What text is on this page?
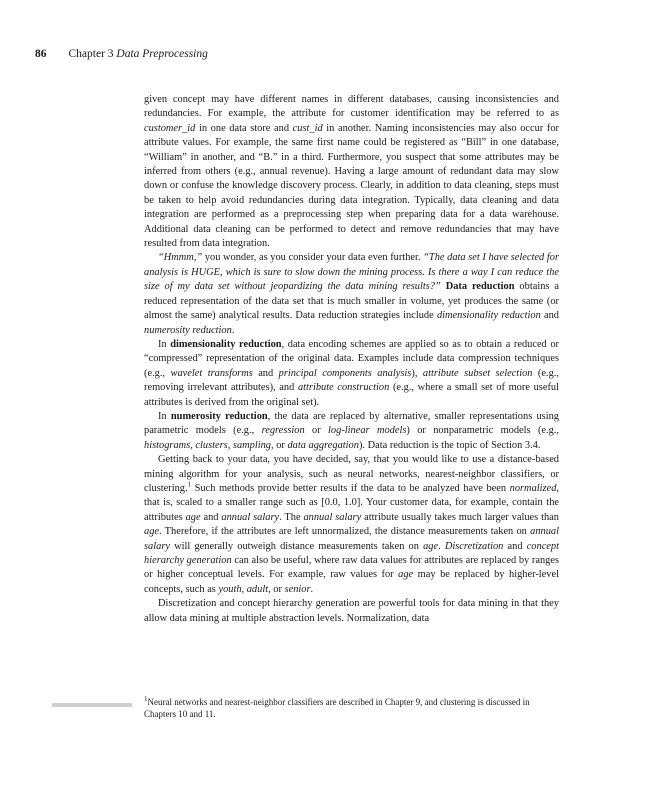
86 Chapter 3 Data Preprocessing

given concept may have different names in different databases, causing inconsistencies and redundancies. For example, the attribute for customer identification may be referred to as customer_id in one data store and cust_id in another. Naming inconsistencies may also occur for attribute values. For example, the same first name could be registered as “Bill” in one database, “William” in another, and “B.” in a third. Furthermore, you suspect that some attributes may be inferred from others (e.g., annual revenue). Having a large amount of redundant data may slow down or confuse the knowledge discovery process. Clearly, in addition to data cleaning, steps must be taken to help avoid redundancies during data integration. Typically, data cleaning and data integration are performed as a preprocessing step when preparing data for a data warehouse. Additional data cleaning can be performed to detect and remove redundancies that may have resulted from data integration.

“Hmmm,” you wonder, as you consider your data even further. “The data set I have selected for analysis is HUGE, which is sure to slow down the mining process. Is there a way I can reduce the size of my data set without jeopardizing the data mining results?” Data reduction obtains a reduced representation of the data set that is much smaller in volume, yet produces the same (or almost the same) analytical results. Data reduction strategies include dimensionality reduction and numerosity reduction.

In dimensionality reduction, data encoding schemes are applied so as to obtain a reduced or “compressed” representation of the original data. Examples include data compression techniques (e.g., wavelet transforms and principal components analysis), attribute subset selection (e.g., removing irrelevant attributes), and attribute construction (e.g., where a small set of more useful attributes is derived from the original set).

In numerosity reduction, the data are replaced by alternative, smaller representations using parametric models (e.g., regression or log-linear models) or nonparametric models (e.g., histograms, clusters, sampling, or data aggregation). Data reduction is the topic of Section 3.4.

Getting back to your data, you have decided, say, that you would like to use a distance-based mining algorithm for your analysis, such as neural networks, nearest-neighbor classifiers, or clustering.$^1$ Such methods provide better results if the data to be analyzed have been normalized, that is, scaled to a smaller range such as [0.0, 1.0]. Your customer data, for example, contain the attributes age and annual salary. The annual salary attribute usually takes much larger values than age. Therefore, if the attributes are left unnormalized, the distance measurements taken on annual salary will generally outweigh distance measurements taken on age. Discretization and concept hierarchy generation can also be useful, where raw data values for attributes are replaced by ranges or higher conceptual levels. For example, raw values for age may be replaced by higher-level concepts, such as youth, adult, or senior.

Discretization and concept hierarchy generation are powerful tools for data mining in that they allow data mining at multiple abstraction levels. Normalization, data

$^1$Neural networks and nearest-neighbor classifiers are described in Chapter 9, and clustering is discussed in Chapters 10 and 11.
